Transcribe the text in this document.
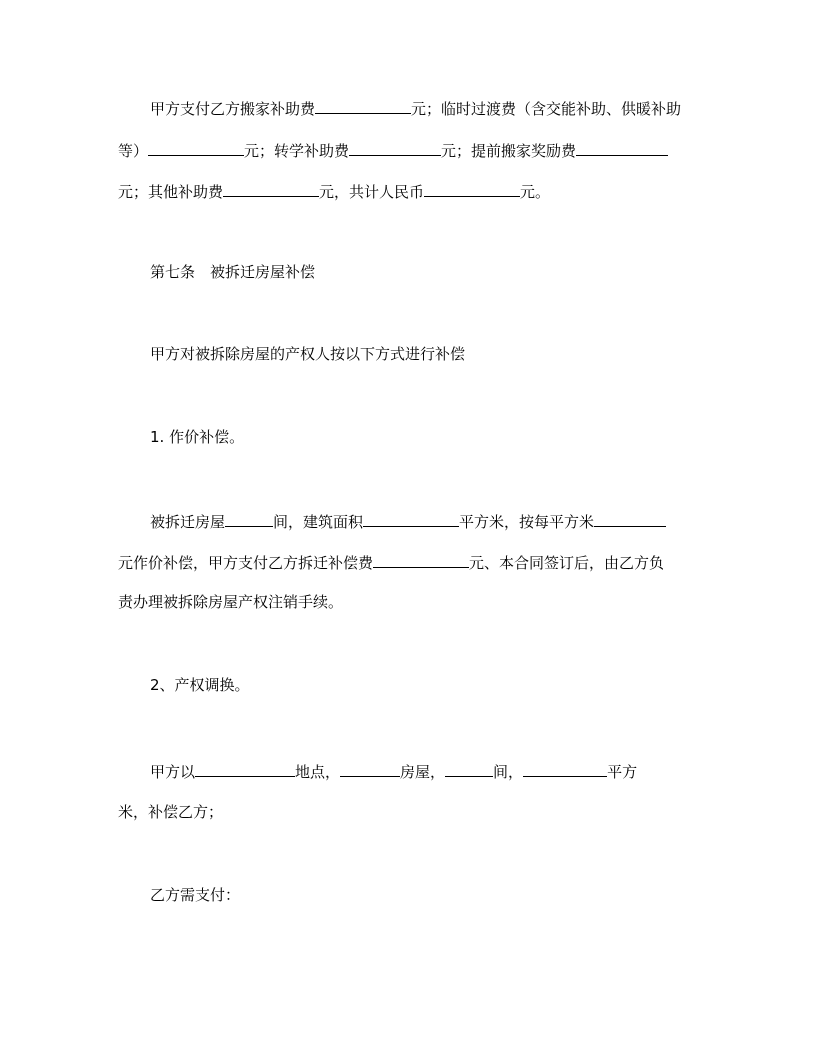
甲方支付乙方搬家补助费	元；临时过渡费（含交能补助、供暖补助
等）	元；转学补助费	元；提前搬家奖励费
元；其他补助费	元，共计人民币	元。
第七条　被拆迁房屋补偿
甲方对被拆除房屋的产权人按以下方式进行补偿
1. 作价补偿。
被拆迁房屋	间，建筑面积	平方米，按每平方米
元作价补偿，甲方支付乙方拆迁补偿费	元、本合同签订后，由乙方负
责办理被拆除房屋产权注销手续。
2、产权调换。
甲方以	地点，	房屋，	间，	平方
米，补偿乙方；
乙方需支付：
